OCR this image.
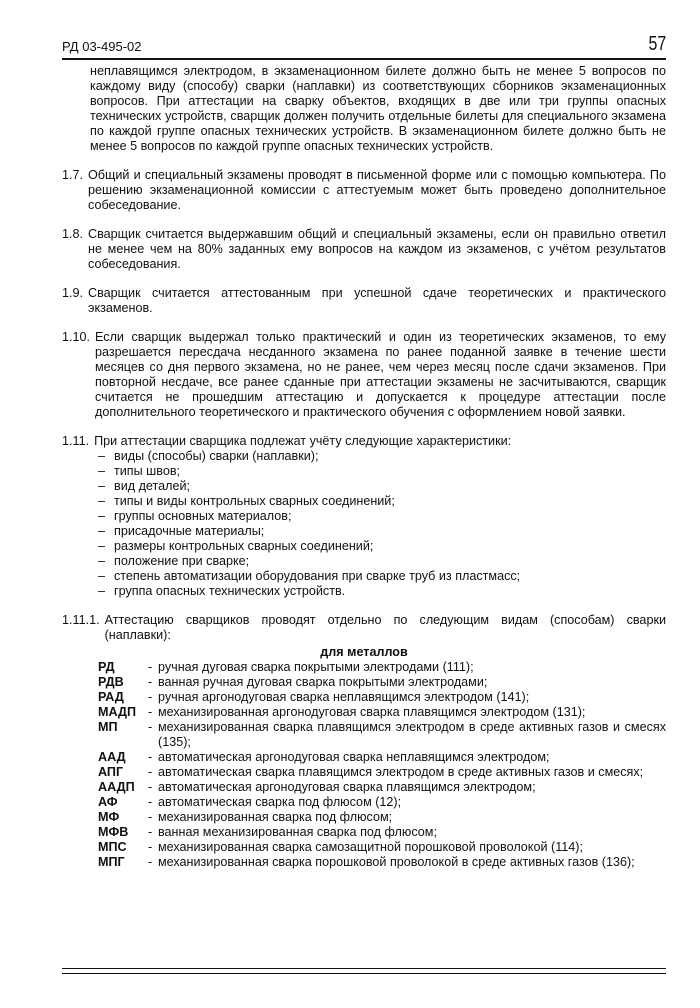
РД 03-495-02	57

неплавящимся электродом, в экзаменационном билете должно быть не менее 5 вопросов по каждому виду (способу) сварки (наплавки) из соответствующих сборников экзаменационных вопросов. При аттестации на сварку объектов, входящих в две или три группы опасных технических устройств, сварщик должен получить отдельные билеты для специального экзамена по каждой группе опасных технических устройств. В экзаменационном билете должно быть не менее 5 вопросов по каждой группе опасных технических устройств.

1.7. Общий и специальный экзамены проводят в письменной форме или с помощью компьютера. По решению экзаменационной комиссии с аттестуемым может быть проведено дополнительное собеседование.
1.8. Сварщик считается выдержавшим общий и специальный экзамены, если он правильно ответил не менее чем на 80% заданных ему вопросов на каждом из экзаменов, с учётом результатов собеседования.
1.9. Сварщик считается аттестованным при успешной сдаче теоретических и практического экзаменов.
1.10. Если сварщик выдержал только практический и один из теоретических экзаменов, то ему разрешается пересдача несданного экзамена по ранее поданной заявке в течение шести месяцев со дня первого экзамена, но не ранее, чем через месяц после сдачи экзаменов. При повторной несдаче, все ранее сданные при аттестации экзамены не засчитываются, сварщик считается не прошедшим аттестацию и допускается к процедуре аттестации после дополнительного теоретического и практического обучения с оформлением новой заявки.
1.11. При аттестации сварщика подлежат учёту следующие характеристики:
– виды (способы) сварки (наплавки);
– типы швов;
– вид деталей;
– типы и виды контрольных сварных соединений;
– группы основных материалов;
– присадочные материалы;
– размеры контрольных сварных соединений;
– положение при сварке;
– степень автоматизации оборудования при сварке труб из пластмасс;
– группа опасных технических устройств.
1.11.1. Аттестацию сварщиков проводят отдельно по следующим видам (способам) сварки (наплавки):
для металлов
РД	-	ручная дуговая сварка покрытыми электродами (111);
РДВ	-	ванная ручная дуговая сварка покрытыми электродами;
РАД	-	ручная аргонодуговая сварка неплавящимся электродом (141);
МАДП	-	механизированная аргонодуговая сварка плавящимся электродом (131);
МП	-	механизированная сварка плавящимся электродом в среде активных газов и смесях (135);
ААД	-	автоматическая аргонодуговая сварка неплавящимся электродом;
АПГ	-	автоматическая сварка плавящимся электродом в среде активных газов и смесях;
ААДП	-	автоматическая аргонодуговая сварка плавящимся электродом;
АФ	-	автоматическая сварка под флюсом (12);
МФ	-	механизированная сварка под флюсом;
МФВ	-	ванная механизированная сварка под флюсом;
МПС	-	механизированная сварка самозащитной порошковой проволокой (114);
МПГ	-	механизированная сварка порошковой проволокой в среде активных газов (136);
